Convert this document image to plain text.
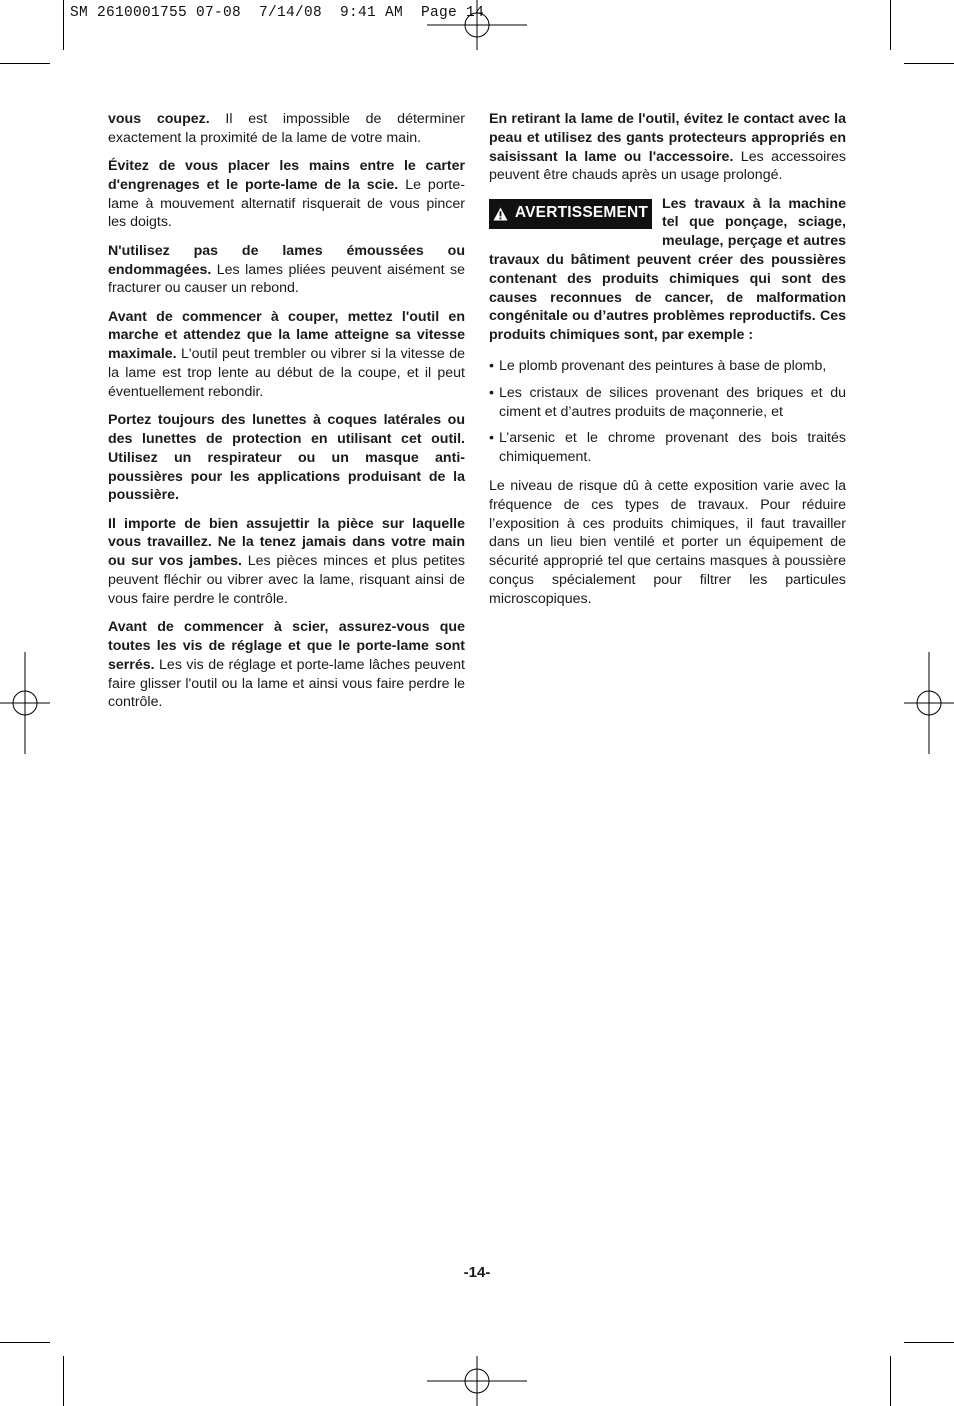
SM 2610001755 07-08  7/14/08  9:41 AM  Page 14

vous coupez. Il est impossible de déterminer exactement la proximité de la lame de votre main.

Évitez de vous placer les mains entre le carter d'engrenages et le porte-lame de la scie. Le porte-lame à mouvement alternatif risquerait de vous pincer les doigts.

N'utilisez pas de lames émoussées ou endommagées. Les lames pliées peuvent aisément se fracturer ou causer un rebond.

Avant de commencer à couper, mettez l'outil en marche et attendez que la lame atteigne sa vitesse maximale. L'outil peut trembler ou vibrer si la vitesse de la lame est trop lente au début de la coupe, et il peut éventuellement rebondir.

Portez toujours des lunettes à coques latérales ou des lunettes de protection en utilisant cet outil. Utilisez un respirateur ou un masque anti-poussières pour les applications produisant de la poussière.

Il importe de bien assujettir la pièce sur laquelle vous travaillez. Ne la tenez jamais dans votre main ou sur vos jambes. Les pièces minces et plus petites peuvent fléchir ou vibrer avec la lame, risquant ainsi de vous faire perdre le contrôle.

Avant de commencer à scier, assurez-vous que toutes les vis de réglage et que le porte-lame sont serrés. Les vis de réglage et porte-lame lâches peuvent faire glisser l'outil ou la lame et ainsi vous faire perdre le contrôle.

En retirant la lame de l'outil, évitez le contact avec la peau et utilisez des gants protecteurs appropriés en saisissant la lame ou l'accessoire. Les accessoires peuvent être chauds après un usage prolongé.

AVERTISSEMENT

Les travaux à la machine tel que ponçage, sciage, meulage, perçage et autres travaux du bâtiment peuvent créer des poussières contenant des produits chimiques qui sont des causes reconnues de cancer, de malformation congénitale ou d’autres problèmes reproductifs. Ces produits chimiques sont, par exemple :

• Le plomb provenant des peintures à base de plomb,
• Les cristaux de silices provenant des briques et du ciment et d’autres produits de maçonnerie, et
• L’arsenic et le chrome provenant des bois traités chimiquement.

Le niveau de risque dû à cette exposition varie avec la fréquence de ces types de travaux. Pour réduire l’exposition à ces produits chimiques, il faut travailler dans un lieu bien ventilé et porter un équipement de sécurité approprié tel que certains masques à poussière conçus spécialement pour filtrer les particules microscopiques.

-14-
